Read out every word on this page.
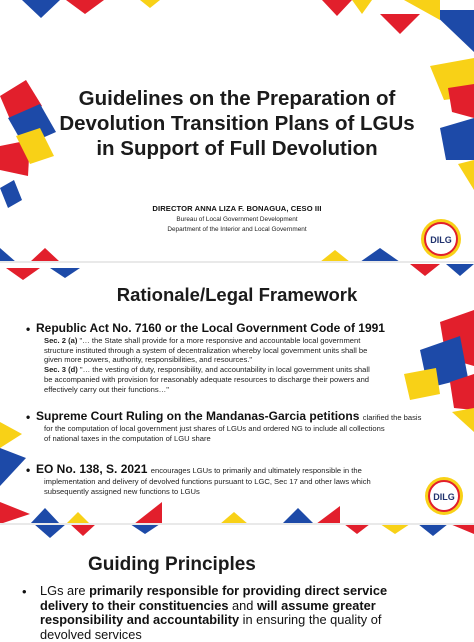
Guidelines on the Preparation of
Devolution Transition Plans of LGUs
in Support of Full Devolution
DIRECTOR ANNA LIZA F. BONAGUA, CESO III
Bureau of Local Government Development
Department of the Interior and Local Government
DILG
Rationale/Legal Framework
• Republic Act No. 7160 or the Local Government Code of 1991
Sec. 2 (a) "… the State shall provide for a more responsive and accountable local government
structure instituted through a system of decentralization whereby local government units shall be
given more powers, authority, responsibilities, and resources."
Sec. 3 (d) "… the vesting of duty, responsibility, and accountability in local government units shall
be accompanied with provision for reasonably adequate resources to discharge their powers and
effectively carry out their functions…"
• Supreme Court Ruling on the Mandanas-Garcia petitions clarified the basis
for the computation of local government just shares of LGUs and ordered NG to include all collections
of national taxes in the computation of LGU share
• EO No. 138, S. 2021 encourages LGUs to primarily and ultimately responsible in the
implementation and delivery of devolved functions pursuant to LGC, Sec 17 and other laws which
subsequently assigned new functions to LGUs
DILG
Guiding Principles
• LGs are primarily responsible for providing direct service
delivery to their constituencies and will assume greater
responsibility and accountability in ensuring the quality of
devolved services
